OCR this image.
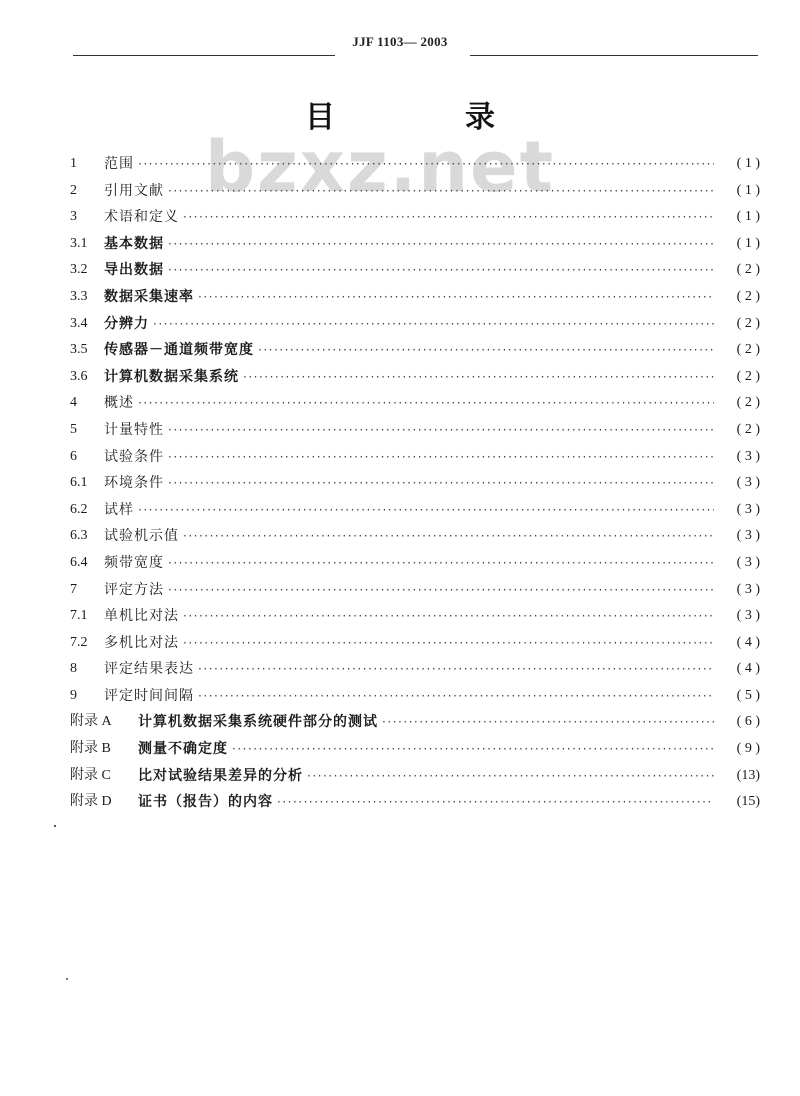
JJF 1103— 2003
bzxz.net
目　录
1	范围 ·····	( 1 )
2	引用文献 ·····	( 1 )
3	术语和定义 ·····	( 1 )
3.1	基本数据 ·····	( 1 )
3.2	导出数据 ·····	( 2 )
3.3	数据采集速率 ·····	( 2 )
3.4	分辨力 ·····	( 2 )
3.5	传感器－通道频带宽度 ·····	( 2 )
3.6	计算机数据采集系统 ·····	( 2 )
4	概述 ·····	( 2 )
5	计量特性 ·····	( 2 )
6	试验条件 ·····	( 3 )
6.1	环境条件 ·····	( 3 )
6.2	试样 ·····	( 3 )
6.3	试验机示值 ·····	( 3 )
6.4	频带宽度 ·····	( 3 )
7	评定方法 ·····	( 3 )
7.1	单机比对法 ·····	( 3 )
7.2	多机比对法 ·····	( 4 )
8	评定结果表达 ·····	( 4 )
9	评定时间间隔 ·····	( 5 )
附录 A	计算机数据采集系统硬件部分的测试 ·····	( 6 )
附录 B	测量不确定度 ·····	( 9 )
附录 C	比对试验结果差异的分析 ·····	(13)
附录 D	证书（报告）的内容 ·····	(15)
